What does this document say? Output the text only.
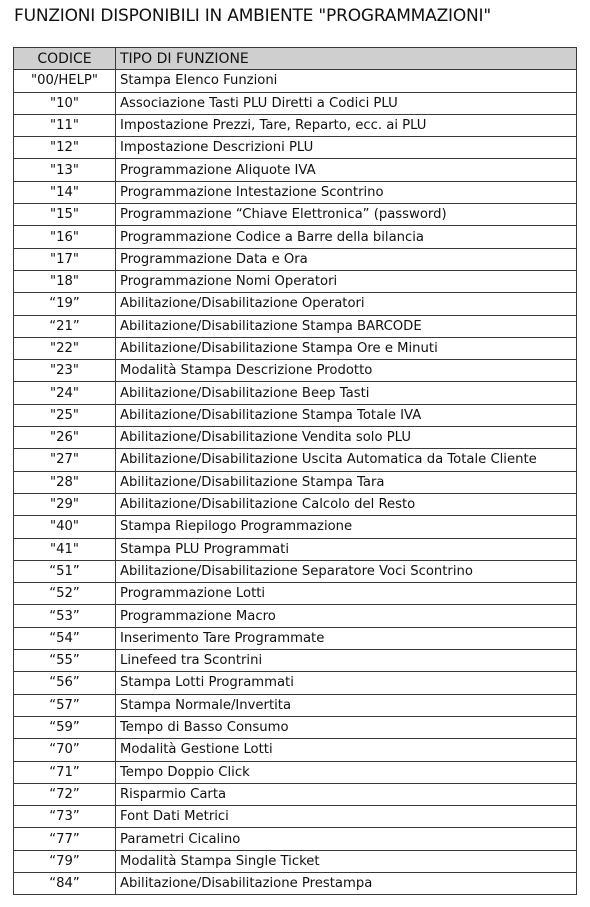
FUNZIONI DISPONIBILI IN AMBIENTE "PROGRAMMAZIONI"
CODICE	TIPO DI FUNZIONE
"00/HELP"	Stampa Elenco Funzioni
"10"	Associazione Tasti PLU Diretti a Codici PLU
"11"	Impostazione Prezzi, Tare, Reparto, ecc. ai PLU
"12"	Impostazione Descrizioni PLU
"13"	Programmazione Aliquote IVA
"14"	Programmazione Intestazione Scontrino
"15"	Programmazione “Chiave Elettronica” (password)
"16"	Programmazione Codice a Barre della bilancia
"17"	Programmazione Data e Ora
"18"	Programmazione Nomi Operatori
“19”	Abilitazione/Disabilitazione Operatori
“21”	Abilitazione/Disabilitazione Stampa BARCODE
"22"	Abilitazione/Disabilitazione Stampa Ore e Minuti
"23"	Modalità Stampa Descrizione Prodotto
"24"	Abilitazione/Disabilitazione Beep Tasti
"25"	Abilitazione/Disabilitazione Stampa Totale IVA
"26"	Abilitazione/Disabilitazione Vendita solo PLU
"27"	Abilitazione/Disabilitazione Uscita Automatica da Totale Cliente
"28"	Abilitazione/Disabilitazione Stampa Tara
"29"	Abilitazione/Disabilitazione Calcolo del Resto
"40"	Stampa Riepilogo Programmazione
"41"	Stampa PLU Programmati
“51”	Abilitazione/Disabilitazione Separatore Voci Scontrino
“52”	Programmazione Lotti
“53”	Programmazione Macro
“54”	Inserimento Tare Programmate
“55”	Linefeed tra Scontrini
“56”	Stampa Lotti Programmati
“57”	Stampa Normale/Invertita
“59”	Tempo di Basso Consumo
“70”	Modalità Gestione Lotti
“71”	Tempo Doppio Click
“72”	Risparmio Carta
“73”	Font Dati Metrici
“77”	Parametri Cicalino
“79”	Modalità Stampa Single Ticket
“84”	Abilitazione/Disabilitazione Prestampa
